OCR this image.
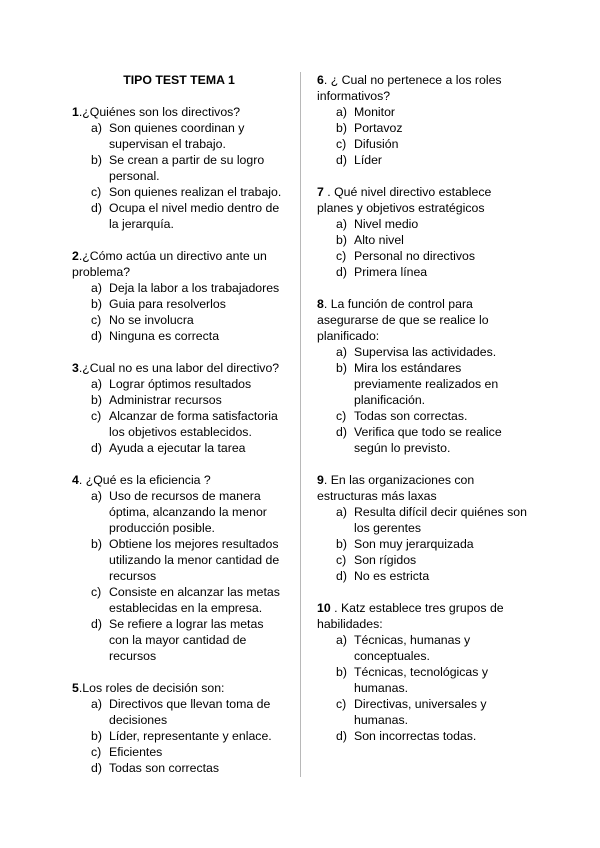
TIPO TEST TEMA 1
1.¿Quiénes son los directivos?
a) Son quienes coordinan y supervisan el trabajo.
b) Se crean a partir de su logro personal.
c) Son quienes realizan el trabajo.
d) Ocupa el nivel medio dentro de la jerarquía.
2.¿Cómo actúa un directivo ante un problema?
a) Deja la labor a los trabajadores
b) Guia para resolverlos
c) No se involucra
d) Ninguna es correcta
3.¿Cual no es una labor del directivo?
a) Lograr óptimos resultados
b) Administrar recursos
c) Alcanzar de forma satisfactoria los objetivos establecidos.
d) Ayuda a ejecutar la tarea
4. ¿Qué es la eficiencia ?
a) Uso de recursos de manera óptima, alcanzando la menor producción posible.
b) Obtiene los mejores resultados utilizando la menor cantidad de recursos
c) Consiste en alcanzar las metas establecidas en la empresa.
d) Se refiere a lograr las metas con la mayor cantidad de recursos
5.Los roles de decisión son:
a) Directivos que llevan toma de decisiones
b) Líder, representante y enlace.
c) Eficientes
d) Todas son correctas
6. ¿ Cual no pertenece a los roles informativos?
a) Monitor
b) Portavoz
c) Difusión
d) Líder
7 . Qué nivel directivo establece planes y objetivos estratégicos
a) Nivel medio
b) Alto nivel
c) Personal no directivos
d) Primera línea
8. La función de control para asegurarse de que se realice lo planificado:
a) Supervisa las actividades.
b) Mira los estándares previamente realizados en planificación.
c) Todas son correctas.
d) Verifica que todo se realice según lo previsto.
9. En las organizaciones con estructuras más laxas
a) Resulta difícil decir quiénes son los gerentes
b) Son muy jerarquizada
c) Son rígidos
d) No es estricta
10 . Katz establece tres grupos de habilidades:
a) Técnicas, humanas y conceptuales.
b) Técnicas, tecnológicas y humanas.
c) Directivas, universales y humanas.
d) Son incorrectas todas.
